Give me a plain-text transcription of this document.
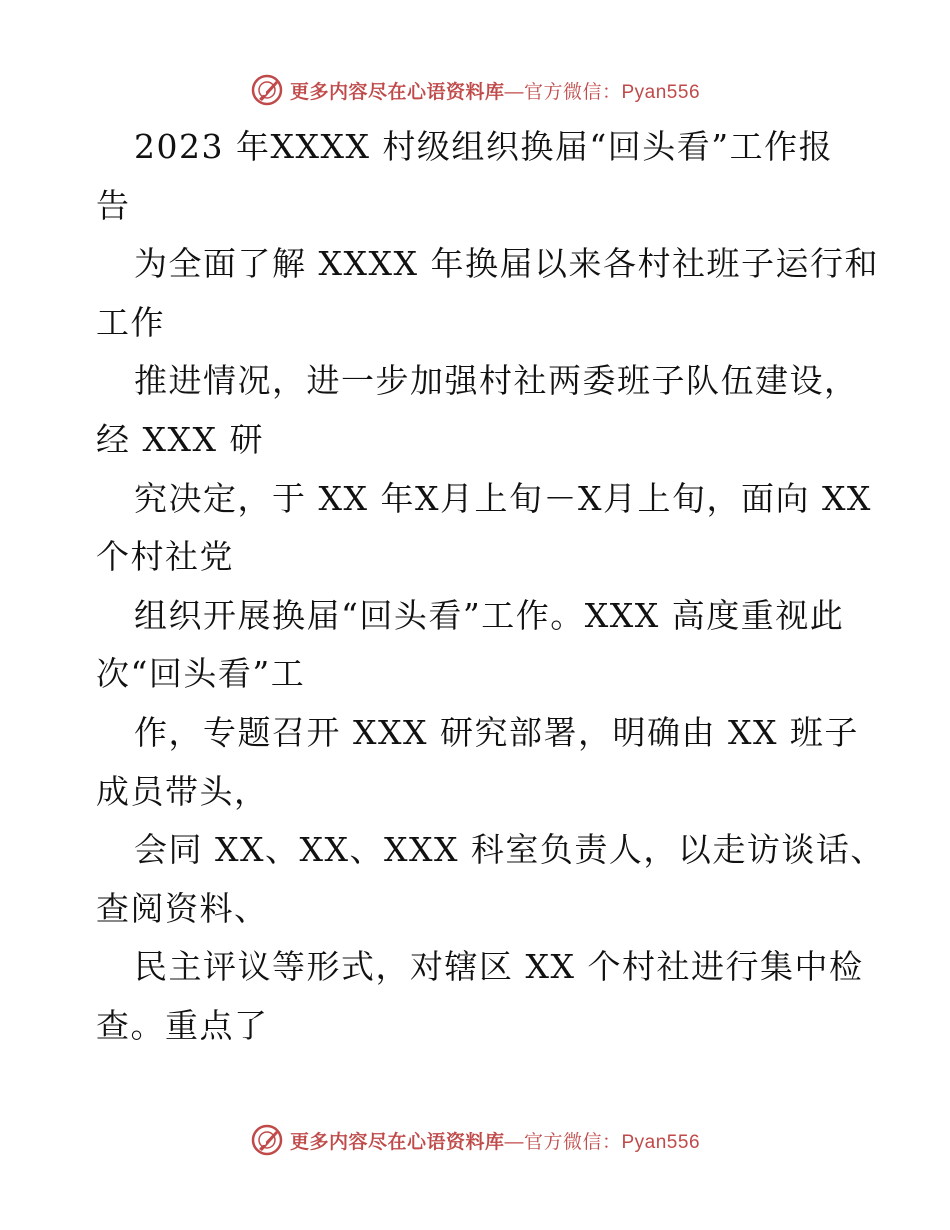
更多内容尽在心语资料库—官方微信：Pyan556
2023 年XXXX 村级组织换届“回头看”工作报
告
为全面了解 XXXX 年换届以来各村社班子运行和
工作
推进情况，进一步加强村社两委班子队伍建设，
经 XXX 研
究决定，于 XX 年X月上旬－X月上旬，面向 XX
个村社党
组织开展换届“回头看”工作。XXX 高度重视此
次“回头看”工
作，专题召开 XXX 研究部署，明确由 XX 班子
成员带头，
会同 XX、XX、XXX 科室负责人，以走访谈话、
查阅资料、
民主评议等形式，对辖区 XX 个村社进行集中检
查。重点了
更多内容尽在心语资料库—官方微信：Pyan556
